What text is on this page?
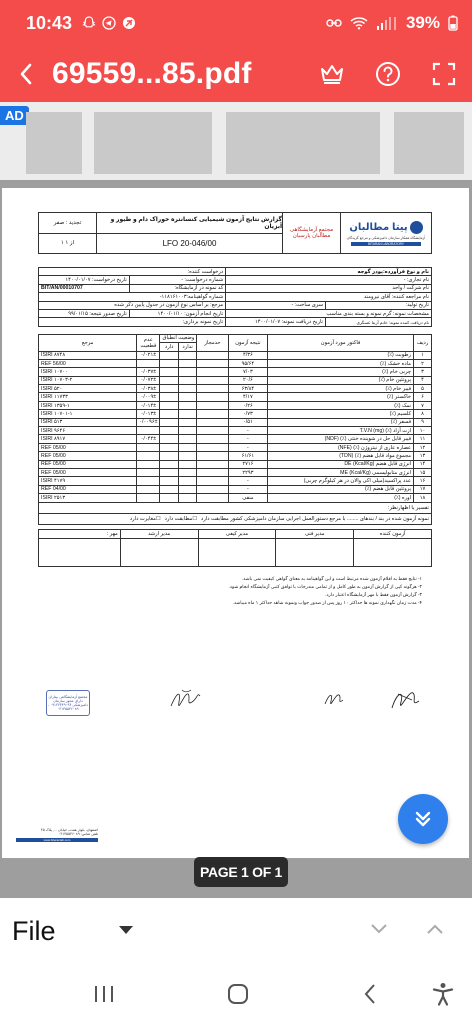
10:43	39%
69559...85.pdf
AD
تجدید : صفر
۱ از ۱
گزارش نتایج آزمون شیمیایی کنسانتره خوراک دام و طیور و آبزیان
LFO 20-046/00
مجتمع آزمایشگاهی مطالبان پارسیان
پیتا مطالبان
آزمایشگاه همکار سازمان دامپزشکی و مرجع گزیدگان
BITARAN LABORATORY
نام و نوع فرآورده:پودر گوجه		درخواست کننده:	
نام تجاری: -		شماره درخواست: -	تاریخ درخواست: ۱۴۰۰/۰۱/۰۷
نام شرکت / واحد		کد نمونه در آزمایشگاه:	BIT/AN/00010707
نام مراجعه کننده: آقای نیرومند		شماره گواهینامه:۱۱۸۱۶۱۰۰۳-	
تاریخ تولید:	سری ساخت: -	مرجع: بر اساس نوع آزمون در جدول پایین ذکر شده	
مشخصات نمونه: گرم نمونه و بسته بندی مناسب		تاریخ انجام آزمون: ۱۴۰۰/۰۱/۱۰	تاریخ صدور نتیجه: ۹۹/۰۱/۱۵
نام دریافت کننده نمونه: خانم آزیتا عسگری	تاریخ دریافت نمونه: ۱۴۰۰/۰۱/۰۷	تاریخ نمونه برداری:	
ردیف	فاکتور مورد آزمون	نتیجه آزمون	حدمجاز	وضعیت انطباق		عدم قطعیت	مرجع
				ندارد	دارد		
۱	رطوبت (٪)	۴/۳۶				۰/۰۲۱±	ISIRI ۸۷۴۸
۲	ماده خشک (٪)	۹۵/۶۴					REF 56/00
۳	چربی خام (٪)	۷/۰۳				۰/۰۳۷±	ISIRI ۱۰۷۰۰
۴	پروتئین خام (٪)	۲۰/۶				۰/۰۷۲±	ISIRI ۱۰۷۰۳-۲
۵	فیبر خام (٪)	۶۳/۸۴				۰/۰۳۸±	ISIRI ۵۲۰
۶	خاکستر (٪)	۴/۱۷				۰/۰۰۹±	ISIRI ۱۱۷۳۳
۷	نمک (٪)	۰/۲۶				۰/۰۱۴±	ISIRI ۱۳۵۹-۱
۸	کلسیم (٪)	۰/۷۳				۰/۰۱۳±	ISIRI ۱۰۷۰۱-۱
۹	فسفر (٪)	۰/۵۱				۰/۰۰۹۶±	ISIRI ۵۱۳
۱۰	ازت آزاد (٪) (T.V.N (mg	-					ISIRI ۹۶۴۶
۱۱	فیبر قابل حل در شوینده خنثی (٪) (NDF)	-				۰/۰۴۴±	ISIRI ۸۹۱۷
۱۲	عصاره عاری از نیتروژن (٪) (NFE)	-					REF 05/00
۱۳	مجموع مواد قابل هضم (٪) (TDN)	۶۱/۶۱					REF 05/00
۱۴	انرژی قابل هضم (Kcal/Kg) DE	۲۷۱۶					REF 05/00
۱۵	انرژی متابولیسمی (Kcal/Kg) ME	۲۲۹۳					REF 05/00
۱۶	عدد پراکسید(میلی اکی والان در هر کیلوگرم چربی)	-					ISIRI ۴۱۷۹
۱۷	پروتئین قابل هضم (٪)	-					REF 04/00
۱۸	اوره (٪)	منفی					ISIRI ۲۵۱۳
تفسیر یا اظهارنظر:
نمونه آزمون شده در بند / بندهای ........ با مرجع دستورالعمل اجرایی سازمان دامپزشکی کشور مطابقت دارد
☐مطابقت دارد
☐مغایرت دارد
آزمون کننده	مدیر فنی	مدیر کیفی	مدیر ارشد	مهر :

۱- نتایج فقط به اقلام آزمون شده مرتبط است و این گواهینامه به معنای گواهی کیفیت نمی باشد.
۲- هرگونه کپی از گزارش آزمون به طور کامل و از تمامی مندرجات با توافق کتبی آزمایشگاه انجام شود.
۳- گزارش آزمون فقط با مهر آزمایشگاه اعتبار دارد.
۴- مدت زمان نگهداری نمونه ها حداکثر ۱۰ روز پس از صدور جواب ونمونه شاهد حداکثر ۱ ماه میباشد.
مجتمع آزمایشگاهی بیتاران داراي مجوز سازمان دامپزشکی ۰۹۱۲۲۳۳۹۰۹۴ - ۰۳۱۳۵۵۳۶۰۸۹
اصفهان، بلوار همت، خیابان ..., پلاک ۴۵
تلفن تماس: ۰۳۱۳۵۵۳۶۰۸۹
www.bitaranlab.com
PAGE 1 OF 1
File
